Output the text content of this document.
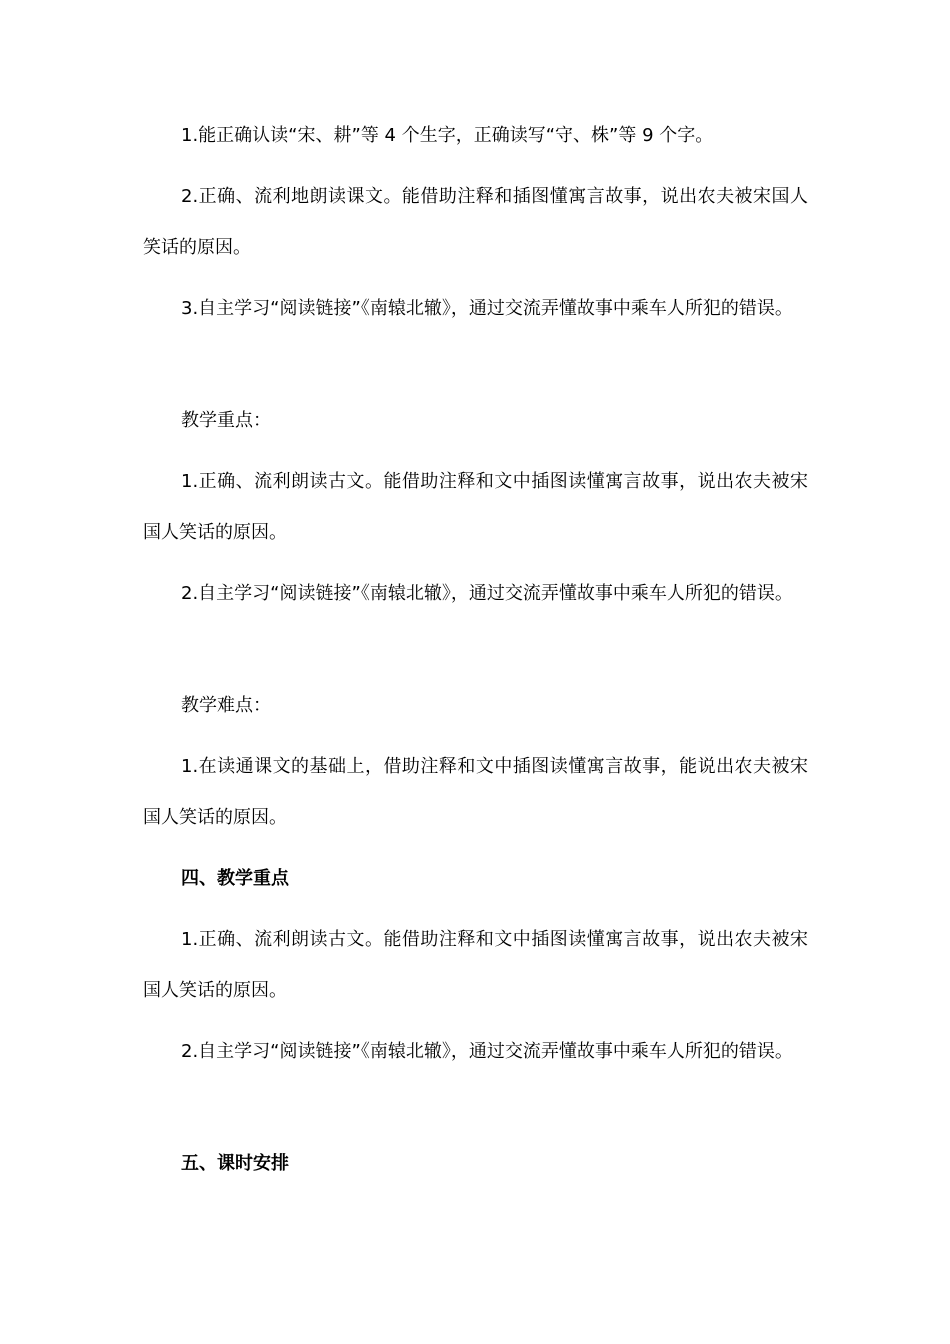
1.能正确认读“宋、耕”等 4 个生字，正确读写“守、株”等 9 个字。

2.正确、流利地朗读课文。能借助注释和插图懂寓言故事，说出农夫被宋国人笑话的原因。

3.自主学习“阅读链接”《南辕北辙》，通过交流弄懂故事中乘车人所犯的错误。

教学重点：

1.正确、流利朗读古文。能借助注释和文中插图读懂寓言故事，说出农夫被宋国人笑话的原因。

2.自主学习“阅读链接”《南辕北辙》，通过交流弄懂故事中乘车人所犯的错误。

教学难点：

1.在读通课文的基础上，借助注释和文中插图读懂寓言故事，能说出农夫被宋国人笑话的原因。

四、教学重点

1.正确、流利朗读古文。能借助注释和文中插图读懂寓言故事，说出农夫被宋国人笑话的原因。

2.自主学习“阅读链接”《南辕北辙》，通过交流弄懂故事中乘车人所犯的错误。

五、课时安排
